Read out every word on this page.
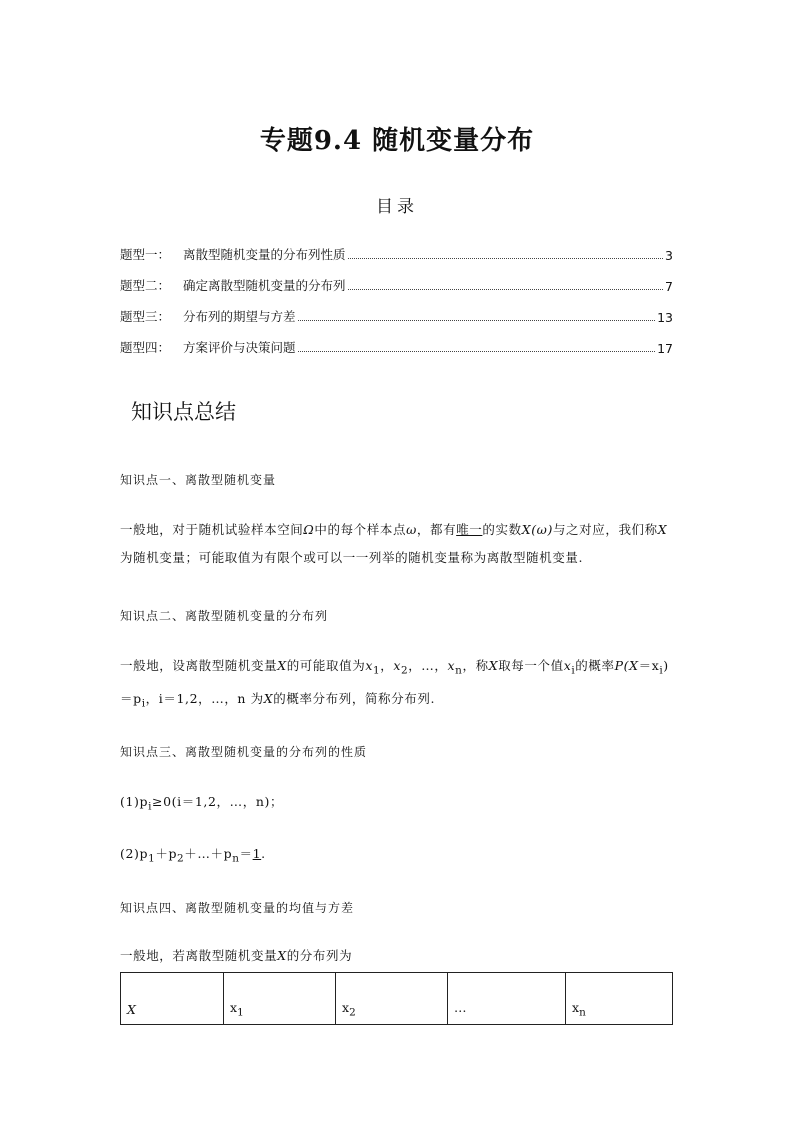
专题9.4 随机变量分布
目录
题型一：	离散型随机变量的分布列性质	3
题型二：	确定离散型随机变量的分布列	7
题型三：	分布列的期望与方差	13
题型四：	方案评价与决策问题	17
知识点总结
知识点一、离散型随机变量
一般地，对于随机试验样本空间Ω中的每个样本点ω，都有唯一的实数X(ω)与之对应，我们称X为随机变量；可能取值为有限个或可以一一列举的随机变量称为离散型随机变量.
知识点二、离散型随机变量的分布列
一般地，设离散型随机变量X的可能取值为$x_1$，$x_2$，…，$x_n$，称X取每一个值$x_i$的概率$P(X=x_i)=p_i$，i＝1,2，…，n 为X的概率分布列，简称分布列.
知识点三、离散型随机变量的分布列的性质
$(1)p_i\ge 0(i=1,2$，…，n)；
$(2)p_1+p_2+\dots+p_n=1$.
知识点四、离散型随机变量的均值与方差
一般地，若离散型随机变量X的分布列为
X	$x_1$	$x_2$	…	$x_n$
